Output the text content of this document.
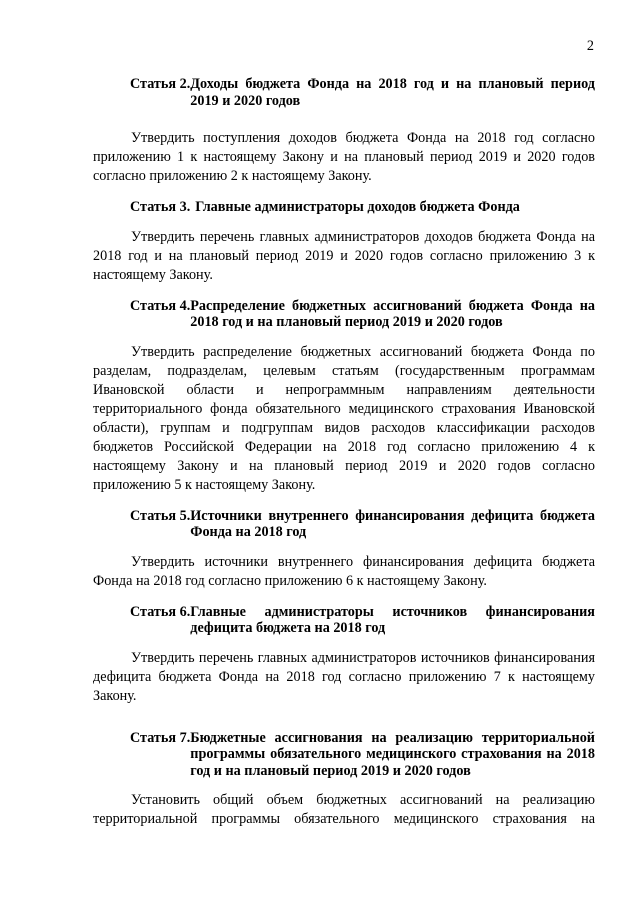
2
Статья 2. Доходы бюджета Фонда на 2018 год и на плановый период 2019 и 2020 годов
Утвердить поступления доходов бюджета Фонда на 2018 год согласно приложению 1 к настоящему Закону и на плановый период 2019 и 2020 годов согласно приложению 2 к настоящему Закону.
Статья 3. Главные администраторы доходов бюджета Фонда
Утвердить перечень главных администраторов доходов бюджета Фонда на 2018 год и на плановый период 2019 и 2020 годов согласно приложению 3 к настоящему Закону.
Статья 4. Распределение бюджетных ассигнований бюджета Фонда на 2018 год и на плановый период 2019 и 2020 годов
Утвердить распределение бюджетных ассигнований бюджета Фонда по разделам, подразделам, целевым статьям (государственным программам Ивановской области и непрограммным направлениям деятельности территориального фонда обязательного медицинского страхования Ивановской области), группам и подгруппам видов расходов классификации расходов бюджетов Российской Федерации на 2018 год согласно приложению 4 к настоящему Закону и на плановый период 2019 и 2020 годов согласно приложению 5 к настоящему Закону.
Статья 5. Источники внутреннего финансирования дефицита бюджета Фонда на 2018 год
Утвердить источники внутреннего финансирования дефицита бюджета Фонда на 2018 год согласно приложению 6 к настоящему Закону.
Статья 6. Главные администраторы источников финансирования дефицита бюджета на 2018 год
Утвердить перечень главных администраторов источников финансирования дефицита бюджета Фонда на 2018 год согласно приложению 7 к настоящему Закону.
Статья 7. Бюджетные ассигнования на реализацию территориальной программы обязательного медицинского страхования на 2018 год и на плановый период 2019 и 2020 годов
Установить общий объем бюджетных ассигнований на реализацию территориальной программы обязательного медицинского страхования на
